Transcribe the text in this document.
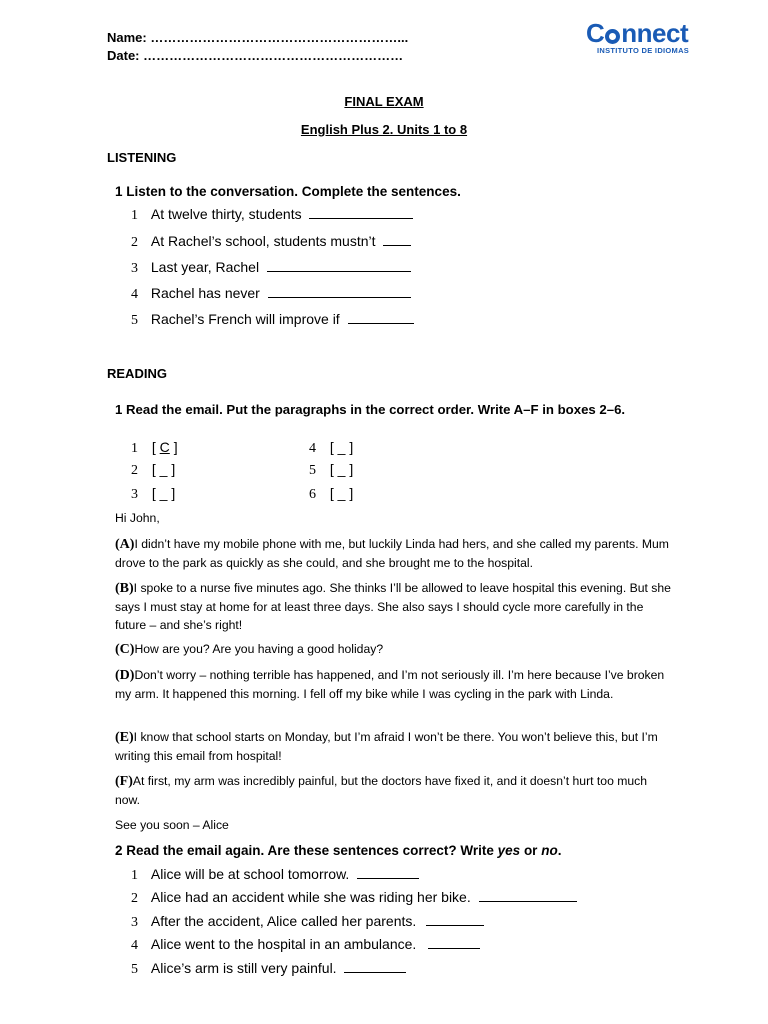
Name: …………………………………………………...
Date: ……………………………………………………
C nnect
INSTITUTO DE IDIOMAS
FINAL EXAM
English Plus 2. Units 1 to 8
LISTENING
1 Listen to the conversation. Complete the sentences.
1 At twelve thirty, students
2 At Rachel’s school, students mustn’t
3 Last year, Rachel
4 Rachel has never
5 Rachel’s French will improve if
READING
1 Read the email. Put the paragraphs in the correct order. Write A–F in boxes 2–6.
1 [ C ]
2 [ _ ]
3 [ _ ]
4 [ _ ]
5 [ _ ]
6 [ _ ]
Hi John,
(A)I didn’t have my mobile phone with me, but luckily Linda had hers, and she called my parents. Mum drove to the park as quickly as she could, and she brought me to the hospital.
(B)I spoke to a nurse five minutes ago. She thinks I’ll be allowed to leave hospital this evening. But she says I must stay at home for at least three days. She also says I should cycle more carefully in the future – and she’s right!
(C)How are you? Are you having a good holiday?
(D)Don’t worry – nothing terrible has happened, and I’m not seriously ill. I’m here because I’ve broken my arm. It happened this morning. I fell off my bike while I was cycling in the park with Linda.
(E)I know that school starts on Monday, but I’m afraid I won’t be there. You won’t believe this, but I’m writing this email from hospital!
(F)At first, my arm was incredibly painful, but the doctors have fixed it, and it doesn’t hurt too much now.
See you soon – Alice
2 Read the email again. Are these sentences correct? Write yes or no.
1 Alice will be at school tomorrow.
2 Alice had an accident while she was riding her bike.
3 After the accident, Alice called her parents.
4 Alice went to the hospital in an ambulance.
5 Alice’s arm is still very painful.
